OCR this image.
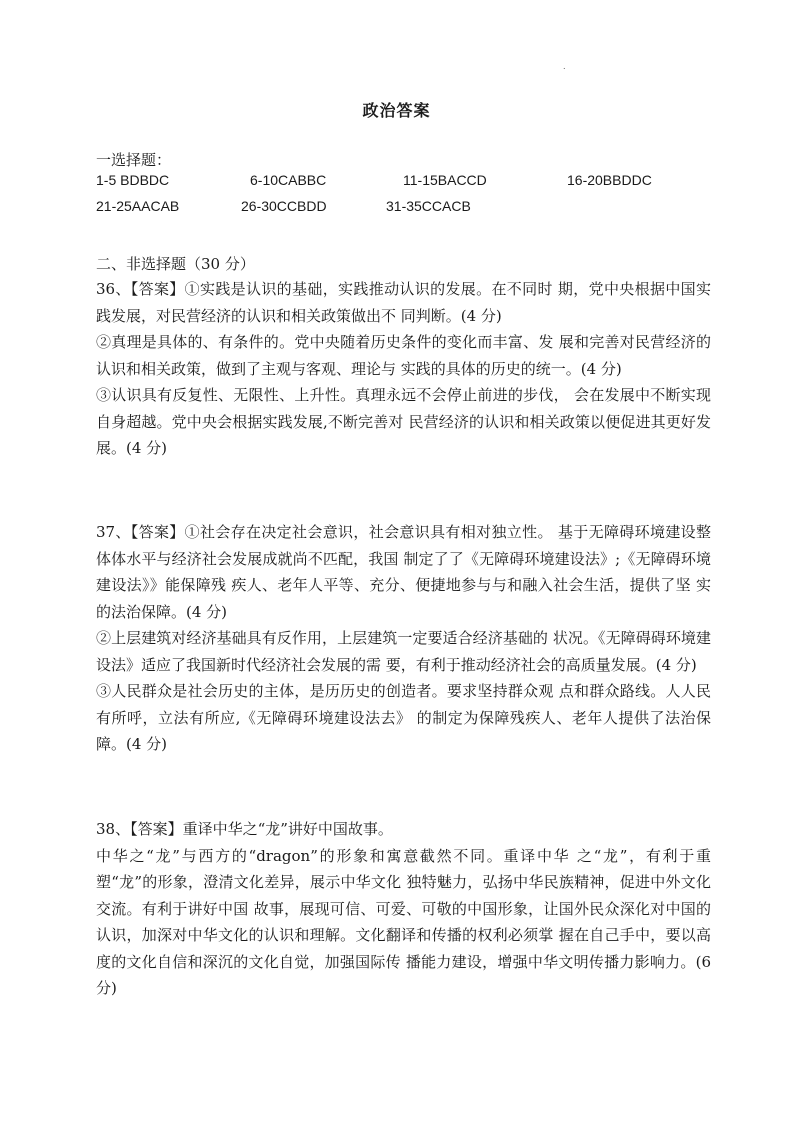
.
政治答案
一选择题：
1-5 BDBDC	6-10CABBC	11-15BACCD	16-20BBDDC
21-25AACAB	26-30CCBDD	31-35CCACB
二、非选择题（30 分）

36、【答案】①实践是认识的基础，实践推动认识的发展。在不同时 期，党中央根据中国实践发展，对民营经济的认识和相关政策做出不 同判断。(4 分)

②真理是具体的、有条件的。党中央随着历史条件的变化而丰富、发 展和完善对民营经济的认识和相关政策，做到了主观与客观、理论与 实践的具体的历史的统一。(4 分)

③认识具有反复性、无限性、上升性。真理永远不会停止前进的步伐， 会在发展中不断实现自身超越。党中央会根据实践发展,不断完善对 民营经济的认识和相关政策以便促进其更好发展。(4 分)

37、【答案】①社会存在决定社会意识，社会意识具有相对独立性。 基于无障碍环境建设整体体水平与经济社会发展成就尚不匹配，我国 制定了了《无障碍环境建设法》;《无障碍环境建设法》》能保障残 疾人、老年人平等、充分、便捷地参与与和融入社会生活，提供了坚 实的法治保障。(4 分)

②上层建筑对经济基础具有反作用，上层建筑一定要适合经济基础的 状况。《无障碍碍环境建设法》适应了我国新时代经济社会发展的需 要，有利于推动经济社会的高质量发展。(4 分)

③人民群众是社会历史的主体，是历历史的创造者。要求坚持群众观 点和群众路线。人人民有所呼，立法有所应,《无障碍环境建设法去》 的制定为保障残疾人、老年人提供了法治保障。(4 分)

38、【答案】重译中华之“龙”讲好中国故事。

中华之“龙”与西方的“dragon”的形象和寓意截然不同。重译中华 之“龙”，有利于重塑“龙”的形象，澄清文化差异，展示中华文化 独特魅力，弘扬中华民族精神，促进中外文化交流。有利于讲好中国 故事，展现可信、可爱、可敬的中国形象，让国外民众深化对中国的 认识，加深对中华文化的认识和理解。文化翻译和传播的权利必须掌 握在自己手中，要以高度的文化自信和深沉的文化自觉，加强国际传 播能力建设，增强中华文明传播力影响力。(6 分)
